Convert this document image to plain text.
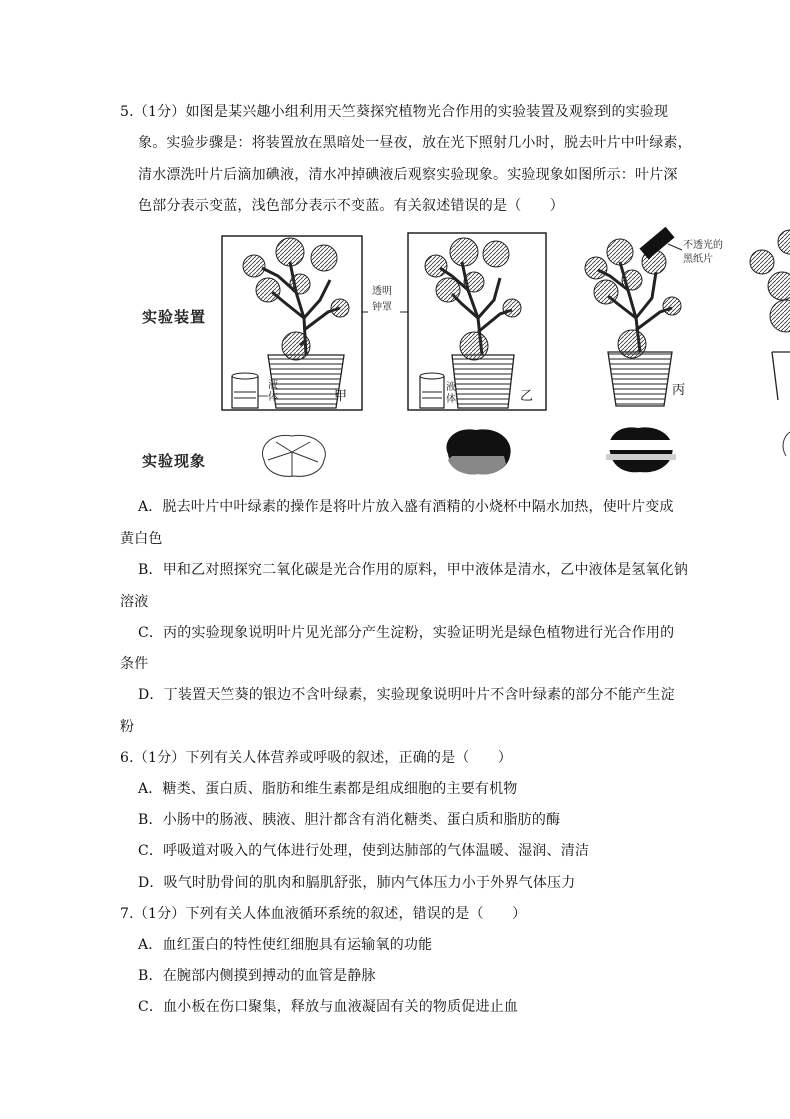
5.（1分）如图是某兴趣小组利用天竺葵探究植物光合作用的实验装置及观察到的实验现
象。实验步骤是：将装置放在黑暗处一昼夜，放在光下照射几小时，脱去叶片中叶绿素，
清水漂洗叶片后滴加碘液，清水冲掉碘液后观察实验现象。实验现象如图所示：叶片深
色部分表示变蓝，浅色部分表示不变蓝。有关叙述错误的是（　　）
实验装置
实验现象
透明
钟罩
不透光的
黑纸片
液体
液体
甲	乙	丙
A．脱去叶片中叶绿素的操作是将叶片放入盛有酒精的小烧杯中隔水加热，使叶片变成
黄白色
B．甲和乙对照探究二氧化碳是光合作用的原料，甲中液体是清水，乙中液体是氢氧化钠
溶液
C．丙的实验现象说明叶片见光部分产生淀粉，实验证明光是绿色植物进行光合作用的
条件
D．丁装置天竺葵的银边不含叶绿素，实验现象说明叶片不含叶绿素的部分不能产生淀
粉
6.（1分）下列有关人体营养或呼吸的叙述，正确的是（　　）
A．糖类、蛋白质、脂肪和维生素都是组成细胞的主要有机物
B．小肠中的肠液、胰液、胆汁都含有消化糖类、蛋白质和脂肪的酶
C．呼吸道对吸入的气体进行处理，使到达肺部的气体温暖、湿润、清洁
D．吸气时肋骨间的肌肉和膈肌舒张，肺内气体压力小于外界气体压力
7.（1分）下列有关人体血液循环系统的叙述，错误的是（　　）
A．血红蛋白的特性使红细胞具有运输氧的功能
B．在腕部内侧摸到搏动的血管是静脉
C．血小板在伤口聚集，释放与血液凝固有关的物质促进止血
